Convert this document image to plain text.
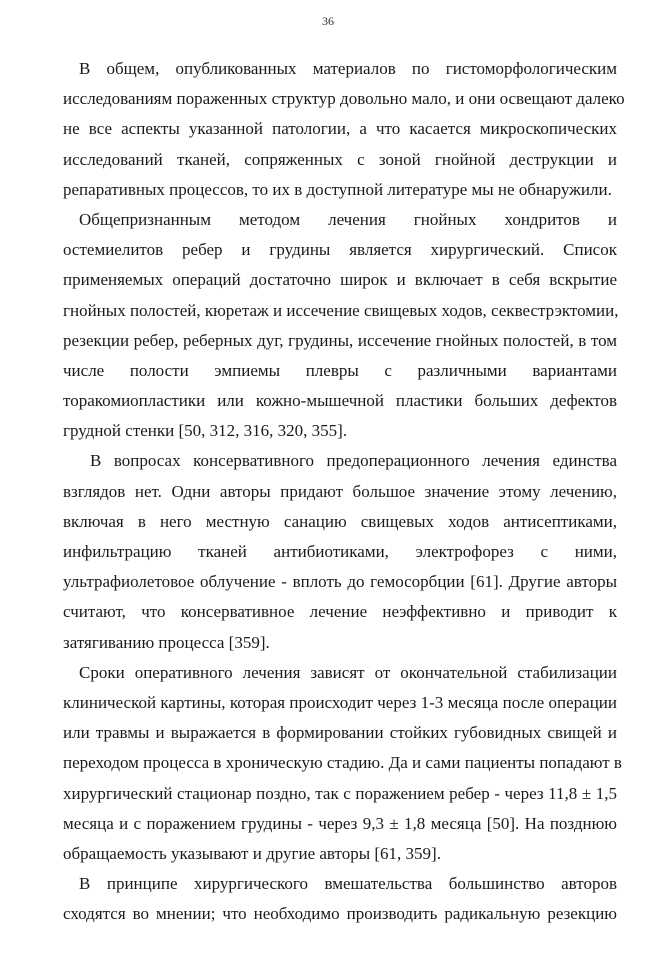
36
В общем, опубликованных материалов по гистоморфологическим
исследованиям пораженных структур довольно мало, и они освещают далеко
не все аспекты указанной патологии, а что касается микроскопических
исследований тканей, сопряженных с зоной гнойной деструкции и
репаративных процессов, то их в доступной литературе мы не обнаружили.
Общепризнанным методом лечения гнойных хондритов и
остемиелитов ребер и грудины является хирургический. Список
применяемых операций достаточно широк и включает в себя вскрытие
гнойных полостей, кюретаж и иссечение свищевых ходов, секвестрэктомии,
резекции ребер, реберных дуг, грудины, иссечение гнойных полостей, в том
числе полости эмпиемы плевры с различными вариантами
торакомиопластики или кожно-мышечной пластики больших дефектов
грудной стенки [50, 312, 316, 320, 355].
В вопросах консервативного предоперационного лечения единства
взглядов нет. Одни авторы придают большое значение этому лечению,
включая в него местную санацию свищевых ходов антисептиками,
инфильтрацию тканей антибиотиками, электрофорез с ними,
ультрафиолетовое облучение - вплоть до гемосорбции [61]. Другие авторы
считают, что консервативное лечение неэффективно и приводит к
затягиванию процесса [359].
Сроки оперативного лечения зависят от окончательной стабилизации
клинической картины, которая происходит через 1-3 месяца после операции
или травмы и выражается в формировании стойких губовидных свищей и
переходом процесса в хроническую стадию. Да и сами пациенты попадают в
хирургический стационар поздно, так с поражением ребер - через 11,8 ± 1,5
месяца и с поражением грудины - через 9,3 ± 1,8 месяца [50]. На позднюю
обращаемость указывают и другие авторы [61, 359].
В принципе хирургического вмешательства большинство авторов
сходятся во мнении; что необходимо производить радикальную резекцию
